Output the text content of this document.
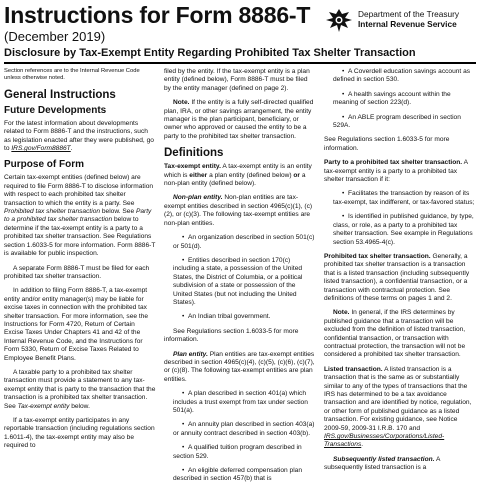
Instructions for Form 8886-T
(December 2019)
Disclosure by Tax-Exempt Entity Regarding Prohibited Tax Shelter Transaction
Department of the Treasury
Internal Revenue Service

Section references are to the Internal Revenue Code unless otherwise noted.

General Instructions
Future Developments

For the latest information about developments related to Form 8886-T and the instructions, such as legislation enacted after they were published, go to IRS.gov/Form8886T.

Purpose of Form

Certain tax-exempt entities (defined below) are required to file Form 8886-T to disclose information with respect to each prohibited tax shelter transaction to which the entity is a party. See Prohibited tax shelter transaction below. See Party to a prohibited tax shelter transaction below to determine if the tax-exempt entity is a party to a prohibited tax shelter transaction. See Regulations section 1.6033-5 for more information. Form 8886-T is available for public inspection.

A separate Form 8886-T must be filed for each prohibited tax shelter transaction.

In addition to filing Form 8886-T, a tax-exempt entity and/or entity manager(s) may be liable for excise taxes in connection with the prohibited tax shelter transaction. For more information, see the Instructions for Form 4720, Return of Certain Excise Taxes Under Chapters 41 and 42 of the Internal Revenue Code, and the Instructions for Form 5330, Return of Excise Taxes Related to Employee Benefit Plans.

A taxable party to a prohibited tax shelter transaction must provide a statement to any tax-exempt entity that is party to the transaction that the transaction is a prohibited tax shelter transaction. See Tax-exempt entity below.

If a tax-exempt entity participates in any reportable transaction (including regulations section 1.6011-4), the tax-exempt entity may also be required to

filed by the entity. If the tax-exempt entity is a plan entity (defined below), Form 8886-T must be filed by the entity manager (defined on page 2).

Note. If the entity is a fully self-directed qualified plan, IRA, or other savings arrangement, the entity manager is the plan participant, beneficiary, or owner who approved or caused the entity to be a party to the prohibited tax shelter transaction.

Definitions

Tax-exempt entity. A tax-exempt entity is an entity which is either a plan entity (defined below) or a non-plan entity (defined below).

Non-plan entity. Non-plan entities are tax-exempt entities described in section 4965(c)(1), (c)(2), or (c)(3). The following tax-exempt entities are non-plan entities.

• An organization described in section 501(c) or 501(d).

• Entities described in section 170(c) including a state, a possession of the United States, the District of Columbia, or a political subdivision of a state or possession of the United States (but not including the United States).

• An Indian tribal government.

See Regulations section 1.6033-5 for more information.

Plan entity. Plan entities are tax-exempt entities described in section 4965(c)(4), (c)(5), (c)(6), (c)(7), or (c)(8). The following tax-exempt entities are plan entities.

• A plan described in section 401(a) which includes a trust exempt from tax under section 501(a).

• An annuity plan described in section 403(a) or annuity contract described in section 403(b).

• A qualified tuition program described in section 529.

• An eligible deferred compensation plan described in section 457(b) that is

• A Coverdell education savings account as defined in section 530.

• A health savings account within the meaning of section 223(d).

• An ABLE program described in section 529A.

See Regulations section 1.6033-5 for more information.

Party to a prohibited tax shelter transaction. A tax-exempt entity is a party to a prohibited tax shelter transaction if it:

• Facilitates the transaction by reason of its tax-exempt, tax indifferent, or tax-favored status;

• Is identified in published guidance, by type, class, or role, as a party to a prohibited tax shelter transaction. See example in Regulations section 53.4965-4(c).

Prohibited tax shelter transaction. Generally, a prohibited tax shelter transaction is a transaction that is a listed transaction (including subsequently listed transaction), a confidential transaction, or a transaction with contractual protection. See definitions of these terms on pages 1 and 2.

Note. In general, if the IRS determines by published guidance that a transaction will be excluded from the definition of listed transaction, confidential transaction, or transaction with contractual protection, the transaction will not be considered a prohibited tax shelter transaction.

Listed transaction. A listed transaction is a transaction that is the same as or substantially similar to any of the types of transactions that the IRS has determined to be a tax avoidance transaction and are identified by notice, regulation, or other form of published guidance as a listed transaction. For existing guidance, see Notice 2009-59, 2009-31 I.R.B. 170 and IRS.gov/Businesses/Corporations/Listed-Transactions.

Subsequently listed transaction. A subsequently listed transaction is a
